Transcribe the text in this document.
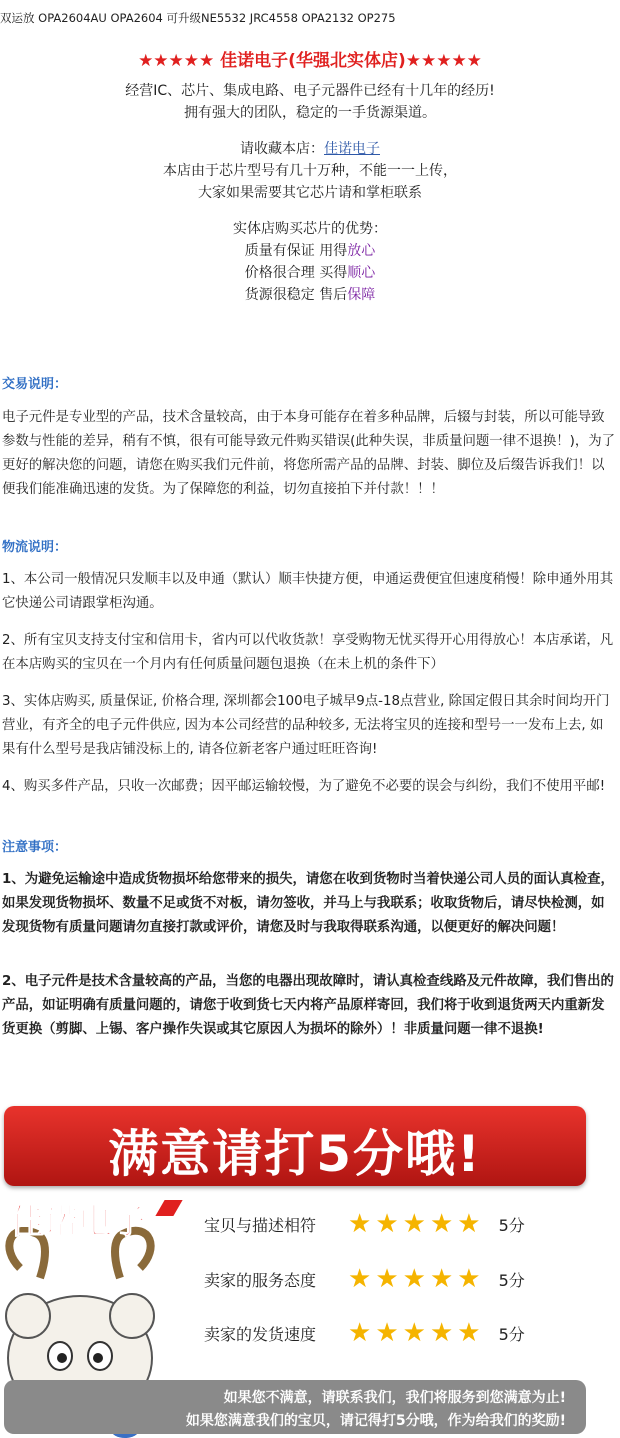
双运放 OPA2604AU OPA2604 可升级NE5532 JRC4558 OPA2132 OP275
★★★★★ 佳诺电子(华强北实体店)★★★★★
经营IC、芯片、集成电路、电子元器件已经有十几年的经历!
拥有强大的团队，稳定的一手货源渠道。
请收藏本店：佳诺电子
本店由于芯片型号有几十万种，不能一一上传，
大家如果需要其它芯片请和掌柜联系
实体店购买芯片的优势：
质量有保证 用得放心
价格很合理 买得顺心
货源很稳定 售后保障
交易说明：
电子元件是专业型的产品，技术含量较高，由于本身可能存在着多种品牌，后辍与封装，所以可能导致参数与性能的差异，稍有不慎，很有可能导致元件购买错误(此种失误，非质量问题一律不退换！)，为了更好的解决您的问题，请您在购买我们元件前，将您所需产品的品牌、封装、脚位及后缀告诉我们！以便我们能准确迅速的发货。为了保障您的利益，切勿直接拍下并付款！！！
物流说明：
1、本公司一般情况只发顺丰以及申通（默认）顺丰快捷方便，申通运费便宜但速度稍慢！除申通外用其它快递公司请跟掌柜沟通。
2、所有宝贝支持支付宝和信用卡，省内可以代收货款！享受购物无忧买得开心用得放心！本店承诺，凡在本店购买的宝贝在一个月内有任何质量问题包退换（在未上机的条件下）
3、实体店购买, 质量保证, 价格合理, 深圳都会100电子城早9点-18点营业, 除国定假日其余时间均开门营业，有齐全的电子元件供应, 因为本公司经营的品种较多, 无法将宝贝的连接和型号一一发布上去, 如果有什么型号是我店铺没标上的, 请各位新老客户通过旺旺咨询!
4、购买多件产品，只收一次邮费；因平邮运输较慢，为了避免不必要的误会与纠纷，我们不使用平邮!
注意事项：
1、为避免运输途中造成货物损坏给您带来的损失，请您在收到货物时当着快递公司人员的面认真检查，如果发现货物损坏、数量不足或货不对板，请勿签收，并马上与我联系；收取货物后，请尽快检测，如发现货物有质量问题请勿直接打款或评价，请您及时与我取得联系沟通，以便更好的解决问题！
2、电子元件是技术含量较高的产品，当您的电器出现故障时，请认真检查线路及元件故障，我们售出的产品，如证明确有质量问题的，请您于收到货七天内将产品原样寄回，我们将于收到退货两天内重新发货更换（剪脚、上锡、客户操作失误或其它原因人为损坏的除外）！非质量问题一律不退换!
满意请打5分哦!
佳诺电子	宝贝与描述相符	★ ★ ★ ★ ★ 5分
卖家的服务态度	★ ★ ★ ★ ★ 5分
卖家的发货速度	★ ★ ★ ★ ★ 5分
如果您不满意，请联系我们，我们将服务到您满意为止!
如果您满意我们的宝贝，请记得打5分哦，作为给我们的奖励!
